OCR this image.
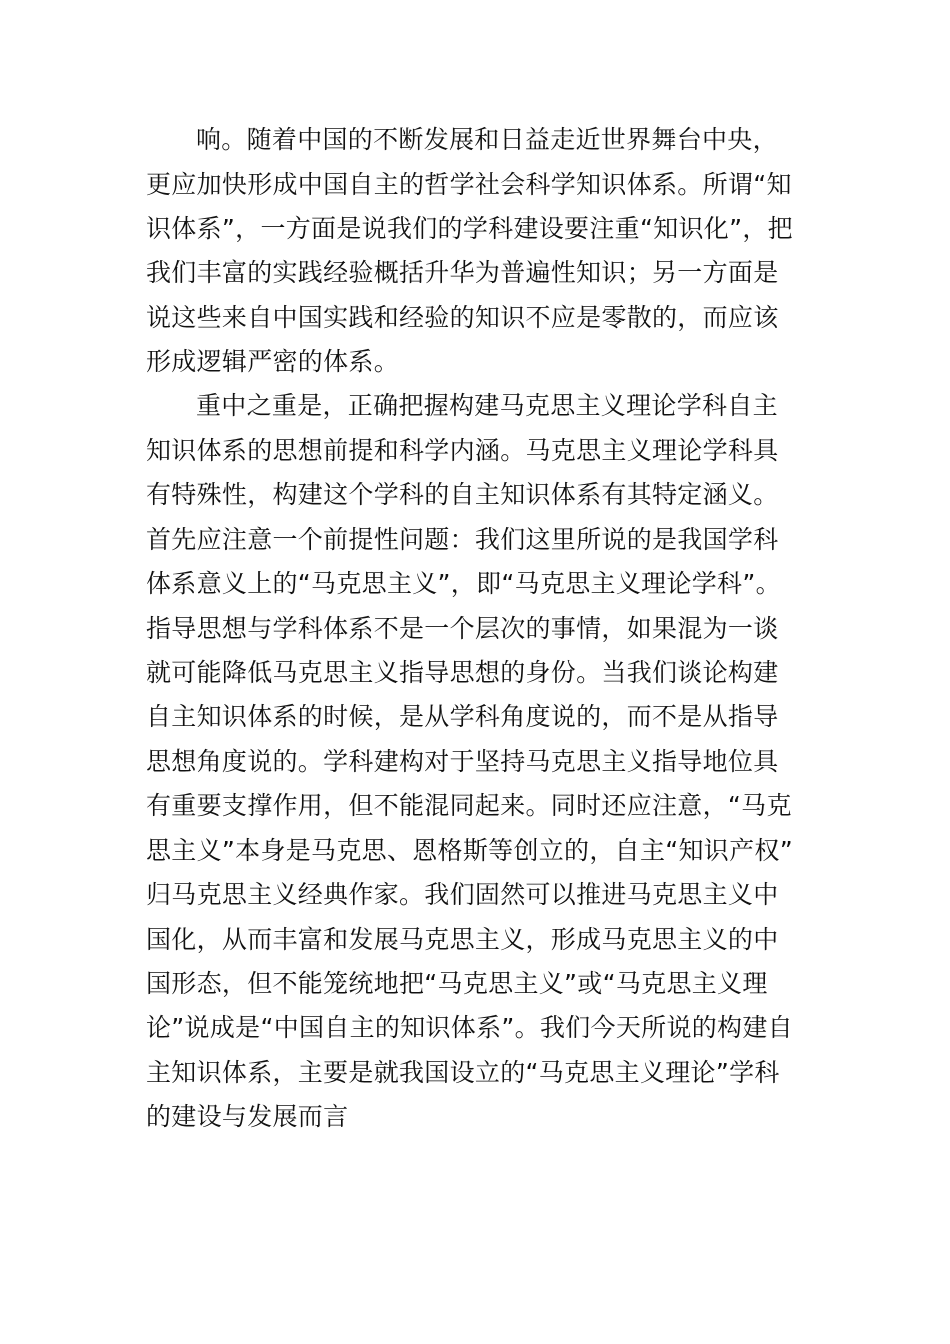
响。随着中国的不断发展和日益走近世界舞台中央，
更应加快形成中国自主的哲学社会科学知识体系。所谓“知
识体系”，一方面是说我们的学科建设要注重“知识化”，把
我们丰富的实践经验概括升华为普遍性知识；另一方面是
说这些来自中国实践和经验的知识不应是零散的，而应该
形成逻辑严密的体系。
重中之重是，正确把握构建马克思主义理论学科自主
知识体系的思想前提和科学内涵。马克思主义理论学科具
有特殊性，构建这个学科的自主知识体系有其特定涵义。
首先应注意一个前提性问题：我们这里所说的是我国学科
体系意义上的“马克思主义”，即“马克思主义理论学科”。
指导思想与学科体系不是一个层次的事情，如果混为一谈
就可能降低马克思主义指导思想的身份。当我们谈论构建
自主知识体系的时候，是从学科角度说的，而不是从指导
思想角度说的。学科建构对于坚持马克思主义指导地位具
有重要支撑作用，但不能混同起来。同时还应注意，“马克
思主义”本身是马克思、恩格斯等创立的，自主“知识产权”
归马克思主义经典作家。我们固然可以推进马克思主义中
国化，从而丰富和发展马克思主义，形成马克思主义的中
国形态，但不能笼统地把“马克思主义”或“马克思主义理
论”说成是“中国自主的知识体系”。我们今天所说的构建自
主知识体系，主要是就我国设立的“马克思主义理论”学科
的建设与发展而言
